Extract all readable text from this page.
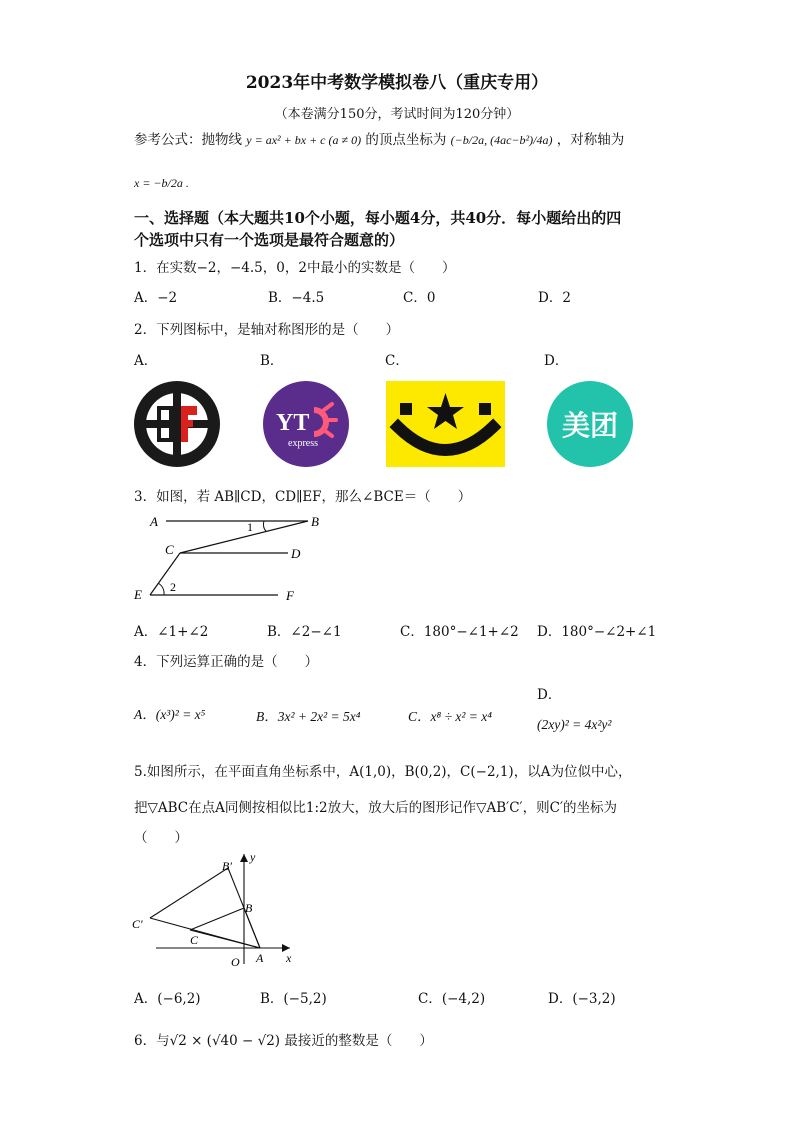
2023年中考数学模拟卷八（重庆专用）
（本卷满分150分，考试时间为120分钟）
参考公式：抛物线 y = ax² + bx + c (a ≠ 0) 的顶点坐标为 (−b/2a, (4ac−b²)/4a) ，对称轴为
x = −b/2a .
一、选择题（本大题共10个小题，每小题4分，共40分．每小题给出的四
个选项中只有一个选项是最符合题意的）
1．在实数−2，−4.5，0，2中最小的实数是（　　）
A．−2	B．−4.5	C．0	D．2
2．下列图标中，是轴对称图形的是（　　）
A．	B．	C．	D．
YT
express
美团
3．如图，若 AB∥CD，CD∥EF，那么∠BCE＝（　　）
A	B
C	D
E	F
1
2
A．∠1+∠2	B．∠2−∠1	C．180°−∠1+∠2 D．180°−∠2+∠1
4．下列运算正确的是（　　）
A．(x³)² = x⁵	B．3x² + 2x² = 5x⁴	C．x⁸ ÷ x² = x⁴
D．
(2xy)² = 4x²y²
5.如图所示，在平面直角坐标系中，A(1,0)，B(0,2)，C(−2,1)，以A为位似中心，
把▽ABC在点A同侧按相似比1:2放大，放大后的图形记作▽AB′C′，则C′的坐标为
（　　）
B′
y
B
C′
C
O A x
A．(−6,2)	B．(−5,2)	C．(−4,2)	D．(−3,2)
6．与√2 × (√40 − √2) 最接近的整数是（　　）
